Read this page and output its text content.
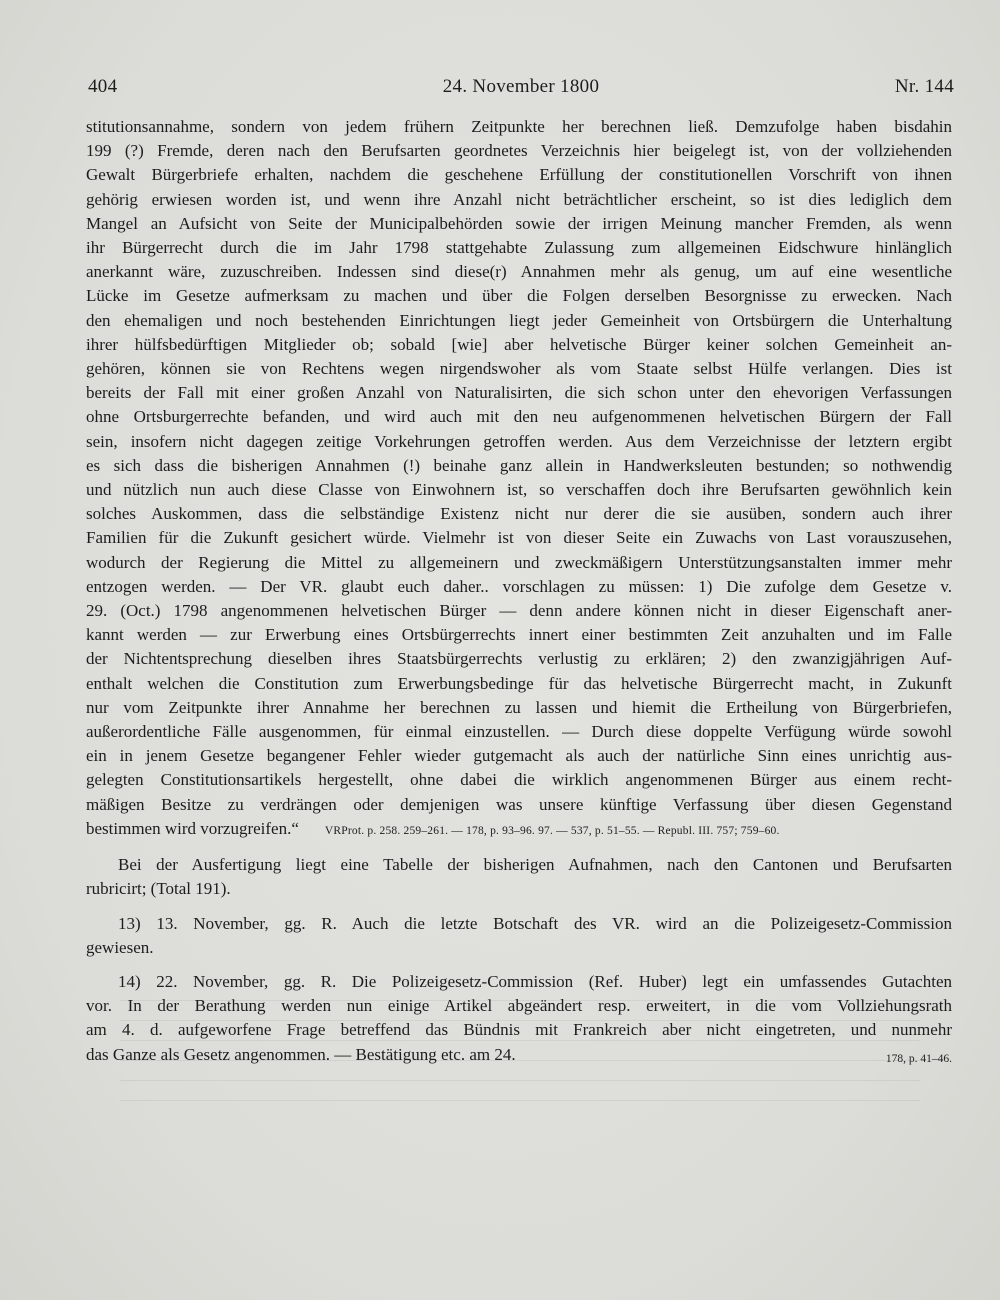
404	24. November 1800	Nr. 144
stitutionsannahme, sondern von jedem frühern Zeitpunkte her berechnen ließ. Demzufolge haben bisdahin
199 (?) Fremde, deren nach den Berufsarten geordnetes Verzeichnis hier beigelegt ist, von der vollziehenden
Gewalt Bürgerbriefe erhalten, nachdem die geschehene Erfüllung der constitutionellen Vorschrift von ihnen
gehörig erwiesen worden ist, und wenn ihre Anzahl nicht beträchtlicher erscheint, so ist dies lediglich dem
Mangel an Aufsicht von Seite der Municipalbehörden sowie der irrigen Meinung mancher Fremden, als wenn
ihr Bürgerrecht durch die im Jahr 1798 stattgehabte Zulassung zum allgemeinen Eidschwure hinlänglich
anerkannt wäre, zuzuschreiben. Indessen sind diese(r) Annahmen mehr als genug, um auf eine wesentliche
Lücke im Gesetze aufmerksam zu machen und über die Folgen derselben Besorgnisse zu erwecken. Nach
den ehemaligen und noch bestehenden Einrichtungen liegt jeder Gemeinheit von Ortsbürgern die Unterhaltung
ihrer hülfsbedürftigen Mitglieder ob; sobald [wie] aber helvetische Bürger keiner solchen Gemeinheit an-
gehören, können sie von Rechtens wegen nirgendswoher als vom Staate selbst Hülfe verlangen. Dies ist
bereits der Fall mit einer großen Anzahl von Naturalisirten, die sich schon unter den ehevorigen Verfassungen
ohne Ortsburgerrechte befanden, und wird auch mit den neu aufgenommenen helvetischen Bürgern der Fall
sein, insofern nicht dagegen zeitige Vorkehrungen getroffen werden. Aus dem Verzeichnisse der letztern ergibt
es sich dass die bisherigen Annahmen (!) beinahe ganz allein in Handwerksleuten bestunden; so nothwendig
und nützlich nun auch diese Classe von Einwohnern ist, so verschaffen doch ihre Berufsarten gewöhnlich kein
solches Auskommen, dass die selbständige Existenz nicht nur derer die sie ausüben, sondern auch ihrer
Familien für die Zukunft gesichert würde. Vielmehr ist von dieser Seite ein Zuwachs von Last vorauszusehen,
wodurch der Regierung die Mittel zu allgemeinern und zweckmäßigern Unterstützungsanstalten immer mehr
entzogen werden. — Der VR. glaubt euch daher.. vorschlagen zu müssen: 1) Die zufolge dem Gesetze v.
29. (Oct.) 1798 angenommenen helvetischen Bürger — denn andere können nicht in dieser Eigenschaft aner-
kannt werden — zur Erwerbung eines Ortsbürgerrechts innert einer bestimmten Zeit anzuhalten und im Falle
der Nichtentsprechung dieselben ihres Staatsbürgerrechts verlustig zu erklären; 2) den zwanzigjährigen Auf-
enthalt welchen die Constitution zum Erwerbungsbedinge für das helvetische Bürgerrecht macht, in Zukunft
nur vom Zeitpunkte ihrer Annahme her berechnen zu lassen und hiemit die Ertheilung von Bürgerbriefen,
außerordentliche Fälle ausgenommen, für einmal einzustellen. — Durch diese doppelte Verfügung würde sowohl
ein in jenem Gesetze begangener Fehler wieder gutgemacht als auch der natürliche Sinn eines unrichtig aus-
gelegten Constitutionsartikels hergestellt, ohne dabei die wirklich angenommenen Bürger aus einem recht-
mäßigen Besitze zu verdrängen oder demjenigen was unsere künftige Verfassung über diesen Gegenstand
bestimmen wird vorzugreifen.“ VRProt. p. 258. 259–261. — 178, p. 93–96. 97. — 537, p. 51–55. — Republ. III. 757; 759–60.
Bei der Ausfertigung liegt eine Tabelle der bisherigen Aufnahmen, nach den Cantonen und Berufsarten
rubricirt; (Total 191).
13) 13. November, gg. R. Auch die letzte Botschaft des VR. wird an die Polizeigesetz-Commission
gewiesen.
14) 22. November, gg. R. Die Polizeigesetz-Commission (Ref. Huber) legt ein umfassendes Gutachten
vor. In der Berathung werden nun einige Artikel abgeändert resp. erweitert, in die vom Vollziehungsrath
am 4. d. aufgeworfene Frage betreffend das Bündnis mit Frankreich aber nicht eingetreten, und nunmehr
das Ganze als Gesetz angenommen. — Bestätigung etc. am 24.	178, p. 41–46.
